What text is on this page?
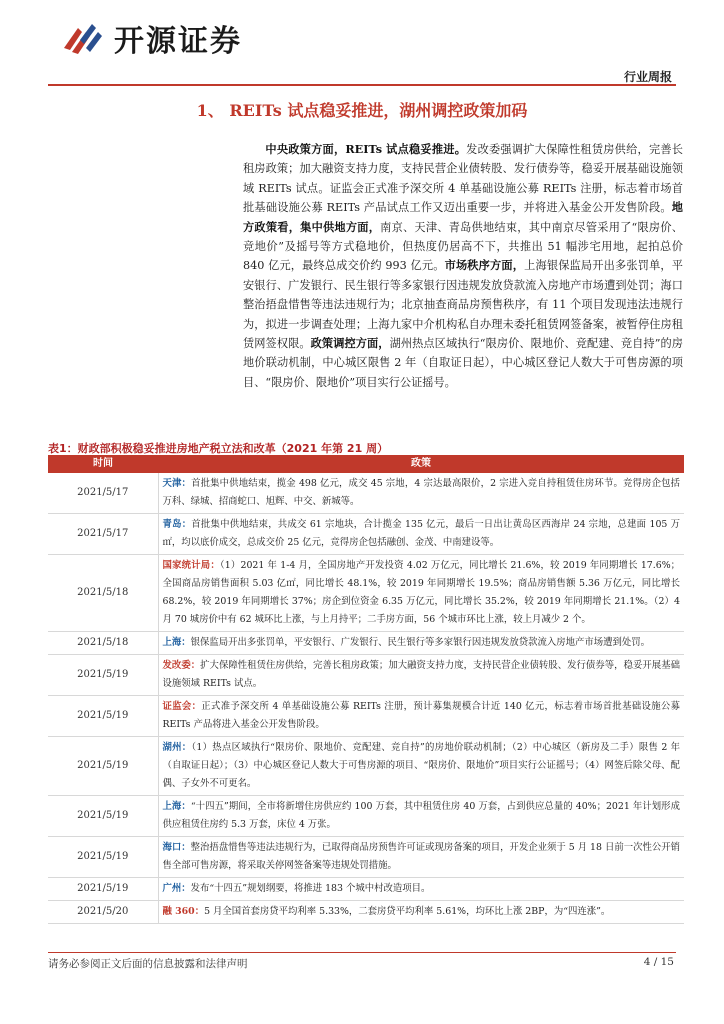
开源证券
行业周报
1、 REITs 试点稳妥推进，湖州调控政策加码
中央政策方面，REITs 试点稳妥推进。发改委强调扩大保障性租赁房供给，完善长租房政策；加大融资支持力度，支持民营企业债转股、发行债券等，稳妥开展基础设施领域 REITs 试点。证监会正式准予深交所 4 单基础设施公募 REITs 注册，标志着市场首批基础设施公募 REITs 产品试点工作又迈出重要一步，并将进入基金公开发售阶段。地方政策看，集中供地方面，南京、天津、青岛供地结束，其中南京尽管采用了“限房价、竞地价”及摇号等方式稳地价，但热度仍居高不下，共推出 51 幅涉宅用地，起拍总价 840 亿元，最终总成交价约 993 亿元。市场秩序方面，上海银保监局开出多张罚单，平安银行、广发银行、民生银行等多家银行因违规发放贷款流入房地产市场遭到处罚；海口整治捂盘惜售等违法违规行为；北京抽查商品房预售秩序，有 11 个项目发现违法违规行为，拟进一步调查处理；上海九家中介机构私自办理未委托租赁网签备案，被暂停住房租赁网签权限。政策调控方面，湖州热点区域执行“限房价、限地价、竞配建、竞自持”的房地价联动机制，中心城区限售 2 年（自取证日起），中心城区登记人数大于可售房源的项目、“限房价、限地价”项目实行公证摇号。
表1：财政部积极稳妥推进房地产税立法和改革（2021 年第 21 周）
时间	政策
2021/5/17	天津：首批集中供地结束，揽金 498 亿元，成交 45 宗地，4 宗达最高限价，2 宗进入竞自持租赁住房环节。竞得房企包括万科、绿城、招商蛇口、旭辉、中交、新城等。
2021/5/17	青岛：首批集中供地结束，共成交 61 宗地块，合计揽金 135 亿元，最后一日出让黄岛区西海岸 24 宗地，总建面 105 万㎡，均以底价成交，总成交价 25 亿元，竞得房企包括融创、金茂、中南建设等。
2021/5/18	国家统计局：（1）2021 年 1-4 月，全国房地产开发投资 4.02 万亿元，同比增长 21.6%，较 2019 年同期增长 17.6%；全国商品房销售面积 5.03 亿㎡，同比增长 48.1%，较 2019 年同期增长 19.5%；商品房销售额 5.36 万亿元，同比增长 68.2%，较 2019 年同期增长 37%；房企到位资金 6.35 万亿元，同比增长 35.2%，较 2019 年同期增长 21.1%。（2）4 月 70 城房价中有 62 城环比上涨，与上月持平；二手房方面，56 个城市环比上涨，较上月减少 2 个。
2021/5/18	上海：银保监局开出多张罚单，平安银行、广发银行、民生银行等多家银行因违规发放贷款流入房地产市场遭到处罚。
2021/5/19	发改委：扩大保障性租赁住房供给，完善长租房政策；加大融资支持力度，支持民营企业债转股、发行债券等，稳妥开展基础设施领域 REITs 试点。
2021/5/19	证监会：正式准予深交所 4 单基础设施公募 REITs 注册，预计募集规模合计近 140 亿元，标志着市场首批基础设施公募 REITs 产品将进入基金公开发售阶段。
2021/5/19	湖州：（1）热点区域执行“限房价、限地价、竞配建、竞自持”的房地价联动机制；（2）中心城区（新房及二手）限售 2 年（自取证日起）；（3）中心城区登记人数大于可售房源的项目、“限房价、限地价”项目实行公证摇号；（4）网签后除父母、配偶、子女外不可更名。
2021/5/19	上海：“十四五”期间，全市将新增住房供应约 100 万套，其中租赁住房 40 万套，占到供应总量的 40%；2021 年计划形成供应租赁住房约 5.3 万套，床位 4 万张。
2021/5/19	海口：整治捂盘惜售等违法违规行为，已取得商品房预售许可证或现房备案的项目，开发企业须于 5 月 18 日前一次性公开销售全部可售房源，将采取关停网签备案等违规处罚措施。
2021/5/19	广州：发布“十四五”规划纲要，将推进 183 个城中村改造项目。
2021/5/20	融 360：5 月全国首套房贷平均利率 5.33%，二套房贷平均利率 5.61%，均环比上涨 2BP，为“四连涨”。
请务必参阅正文后面的信息披露和法律声明	4 / 15
